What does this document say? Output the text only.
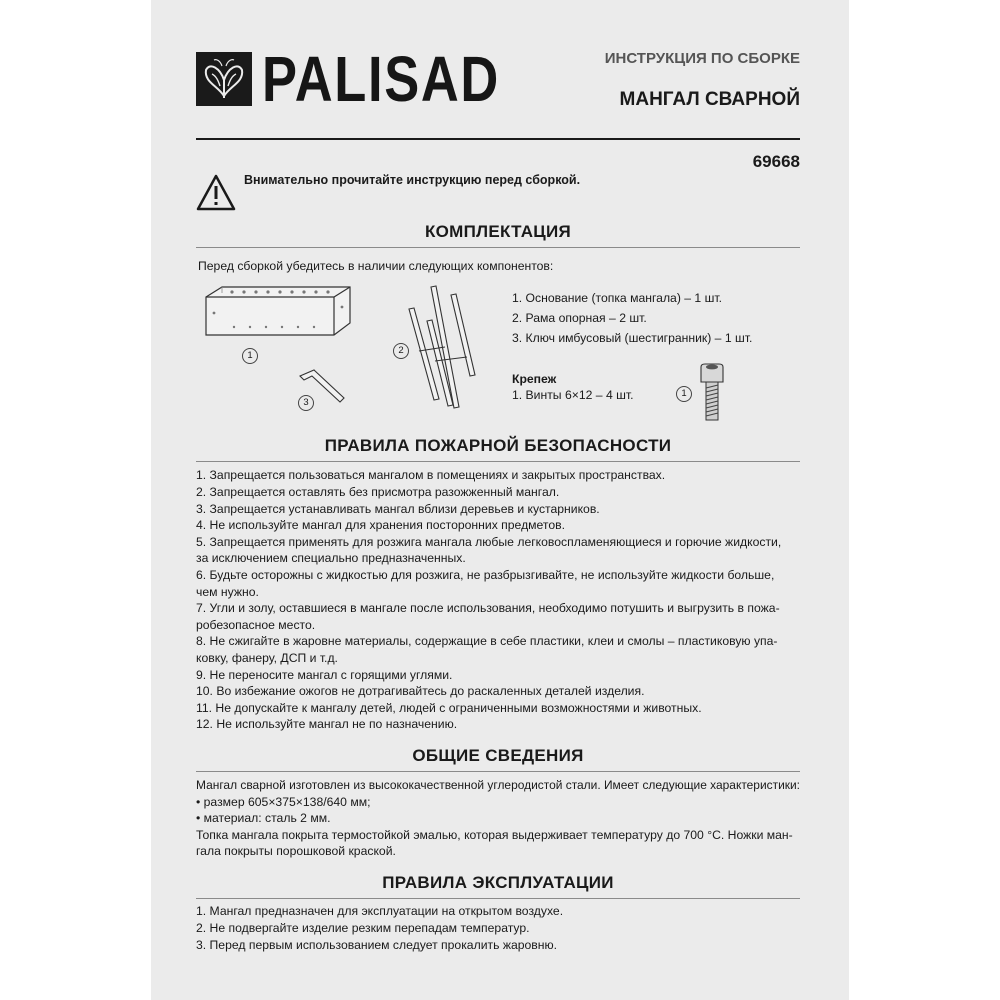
PALISAD	ИНСТРУКЦИЯ ПО СБОРКЕ
МАНГАЛ СВАРНОЙ
69668
Внимательно прочитайте инструкцию перед сборкой.
КОМПЛЕКТАЦИЯ
Перед сборкой убедитесь в наличии следующих компонентов:
1	2
3
1. Основание (топка мангала) – 1 шт.
2. Рама опорная – 2 шт.
3. Ключ имбусовый (шестигранник) – 1 шт.
Крепеж
1. Винты 6×12 – 4 шт.	1
ПРАВИЛА ПОЖАРНОЙ БЕЗОПАСНОСТИ
1. Запрещается пользоваться мангалом в помещениях и закрытых пространствах.
2. Запрещается оставлять без присмотра разожженный мангал.
3. Запрещается устанавливать мангал вблизи деревьев и кустарников.
4. Не используйте мангал для хранения посторонних предметов.
5. Запрещается применять для розжига мангала любые легковоспламеняющиеся и горючие жидкости,
за исключением специально предназначенных.
6. Будьте осторожны с жидкостью для розжига, не разбрызгивайте, не используйте жидкости больше,
чем нужно.
7. Угли и золу, оставшиеся в мангале после использования, необходимо потушить и выгрузить в пожа-
робезопасное место.
8. Не сжигайте в жаровне материалы, содержащие в себе пластики, клеи и смолы – пластиковую упа-
ковку, фанеру, ДСП и т.д.
9. Не переносите мангал с горящими углями.
10. Во избежание ожогов не дотрагивайтесь до раскаленных деталей изделия.
11. Не допускайте к мангалу детей, людей с ограниченными возможностями и животных.
12. Не используйте мангал не по назначению.
ОБЩИЕ СВЕДЕНИЯ
Мангал сварной изготовлен из высококачественной углеродистой стали. Имеет следующие характеристики:
• размер 605×375×138/640 мм;
• материал: сталь 2 мм.
Топка мангала покрыта термостойкой эмалью, которая выдерживает температуру до 700 °С. Ножки ман-
гала покрыты порошковой краской.
ПРАВИЛА ЭКСПЛУАТАЦИИ
1. Мангал предназначен для эксплуатации на открытом воздухе.
2. Не подвергайте изделие резким перепадам температур.
3. Перед первым использованием следует прокалить жаровню.
